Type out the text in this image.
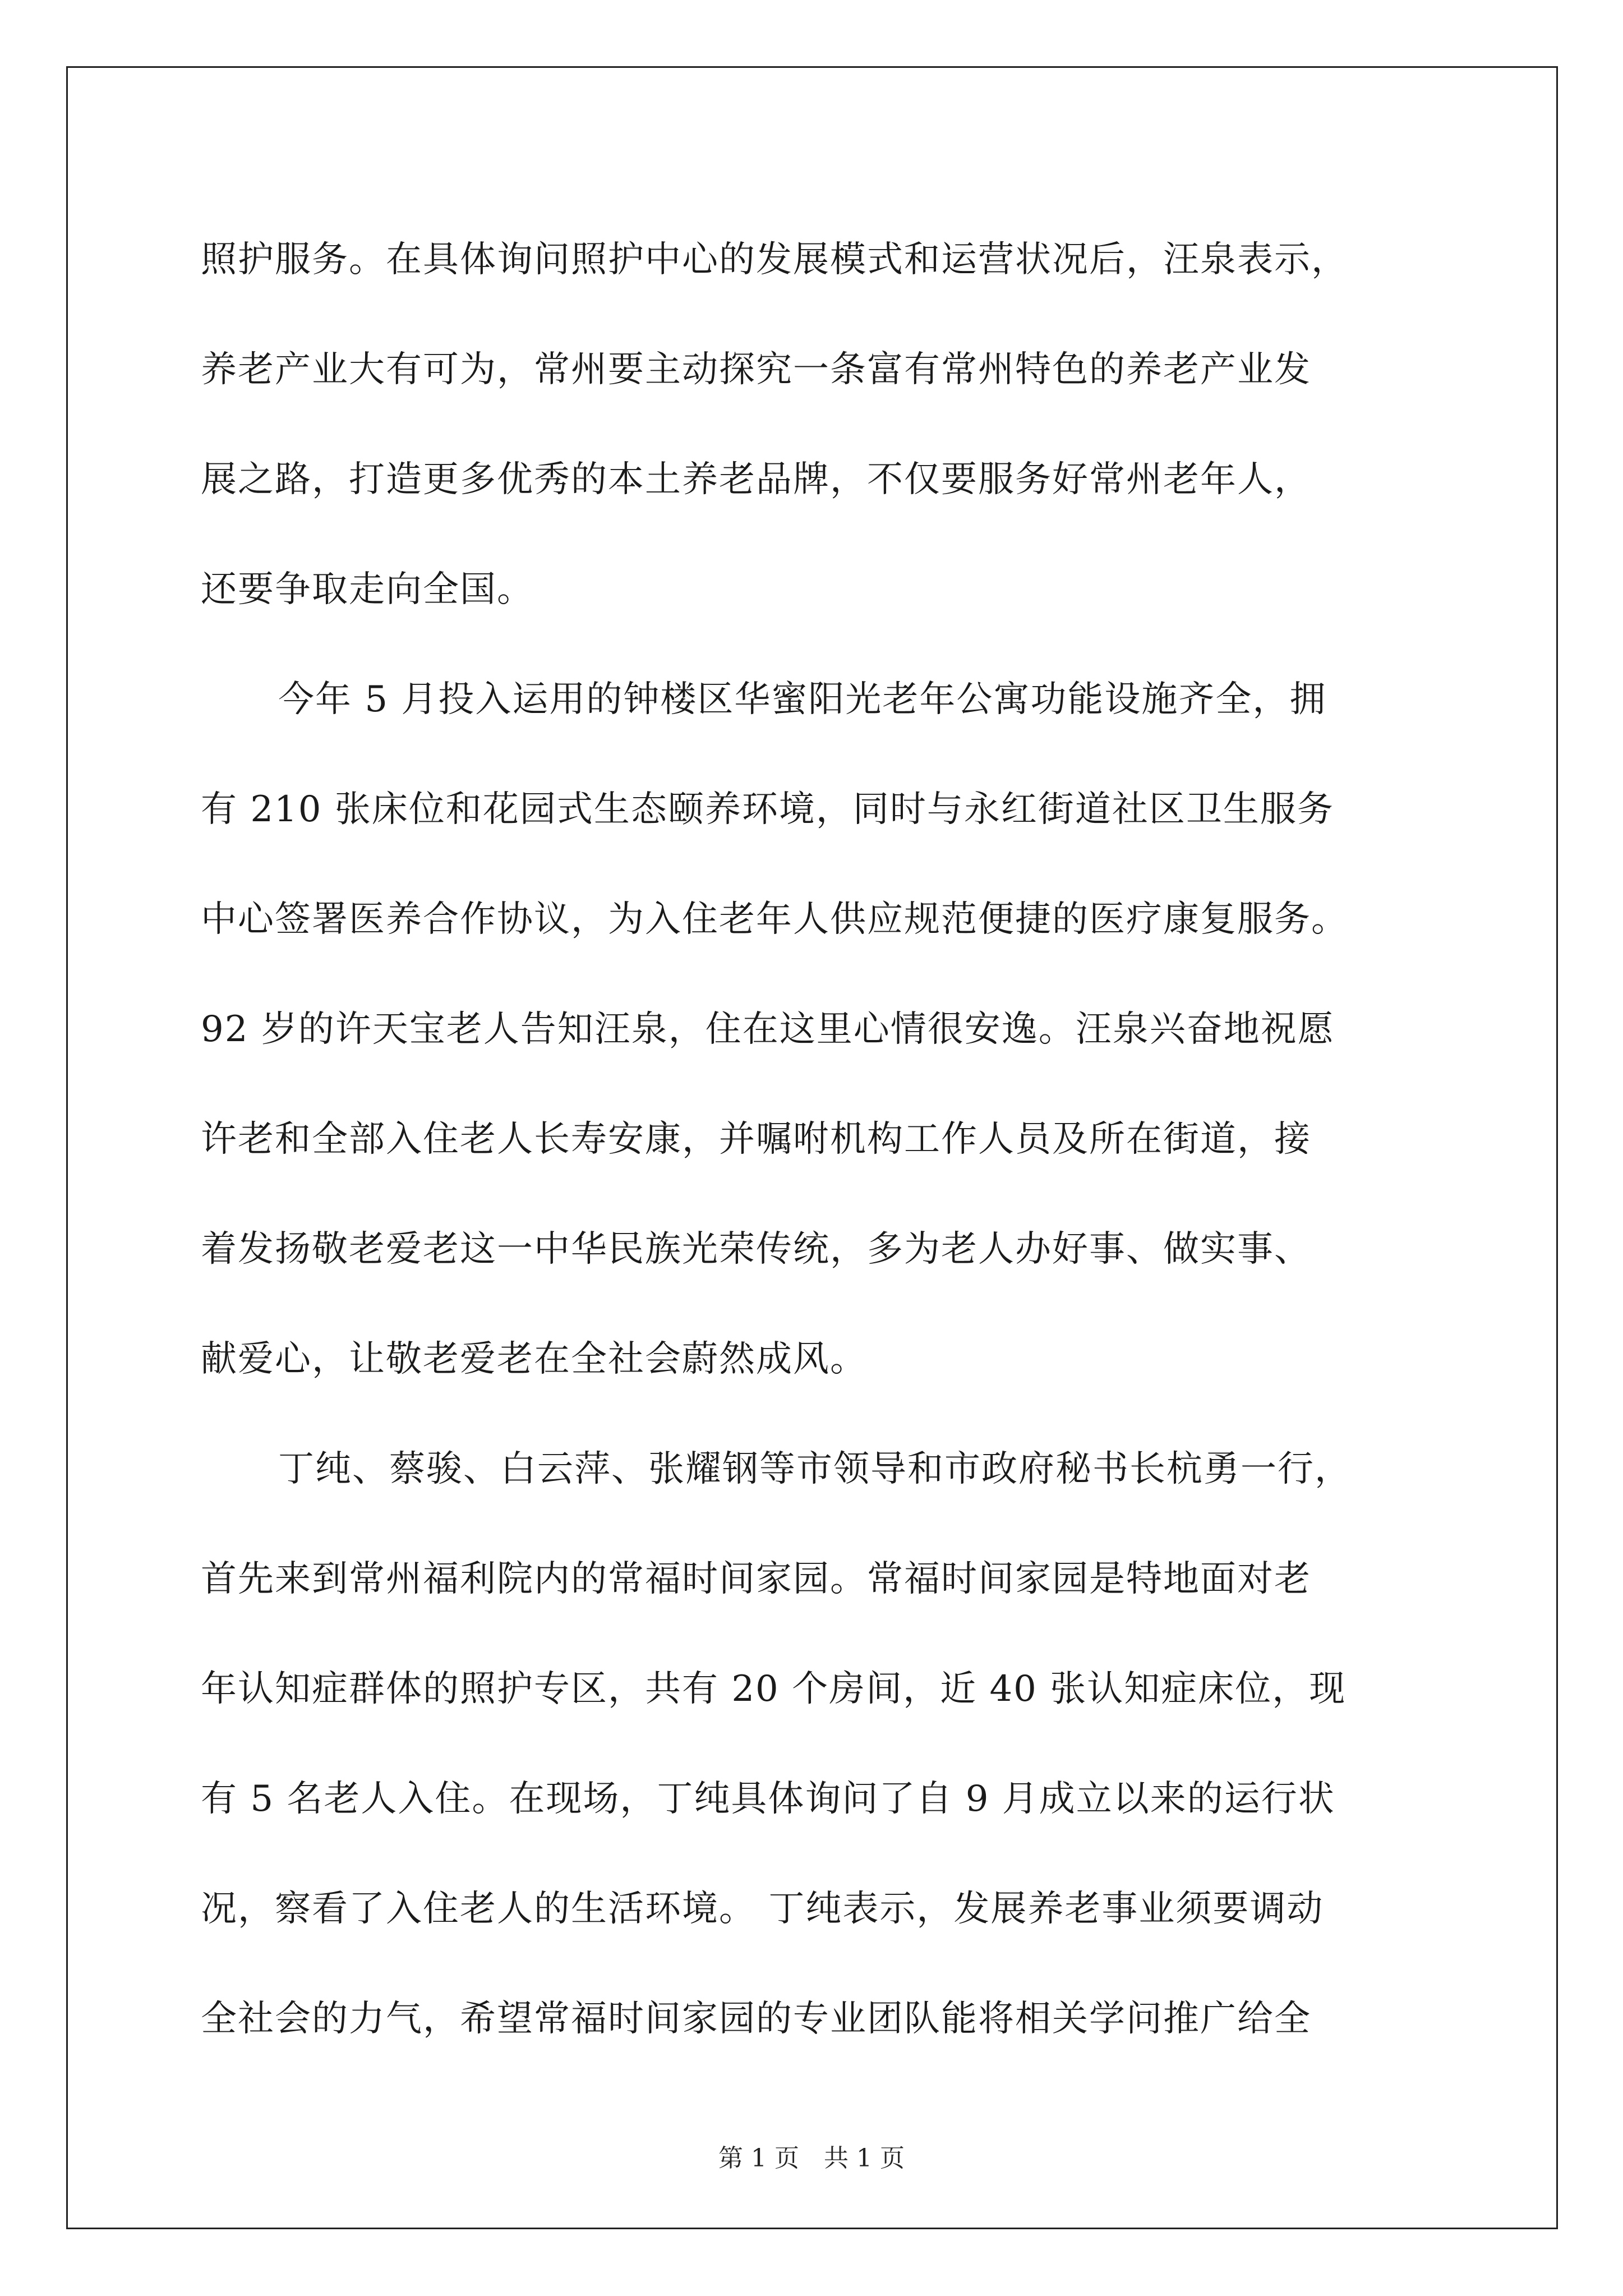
照护服务。在具体询问照护中心的发展模式和运营状况后，汪泉表示，
养老产业大有可为，常州要主动探究一条富有常州特色的养老产业发
展之路，打造更多优秀的本土养老品牌，不仅要服务好常州老年人，
还要争取走向全国。
今年 5 月投入运用的钟楼区华蜜阳光老年公寓功能设施齐全，拥
有 210 张床位和花园式生态颐养环境，同时与永红街道社区卫生服务
中心签署医养合作协议，为入住老年人供应规范便捷的医疗康复服务。
92 岁的许天宝老人告知汪泉，住在这里心情很安逸。汪泉兴奋地祝愿
许老和全部入住老人长寿安康，并嘱咐机构工作人员及所在街道，接
着发扬敬老爱老这一中华民族光荣传统，多为老人办好事、做实事、
献爱心，让敬老爱老在全社会蔚然成风。
丁纯、蔡骏、白云萍、张耀钢等市领导和市政府秘书长杭勇一行，
首先来到常州福利院内的常福时间家园。常福时间家园是特地面对老
年认知症群体的照护专区，共有 20 个房间，近 40 张认知症床位，现
有 5 名老人入住。在现场，丁纯具体询问了自 9 月成立以来的运行状
况，察看了入住老人的生活环境。 丁纯表示，发展养老事业须要调动
全社会的力气，希望常福时间家园的专业团队能将相关学问推广给全
第 1 页　共 1 页
